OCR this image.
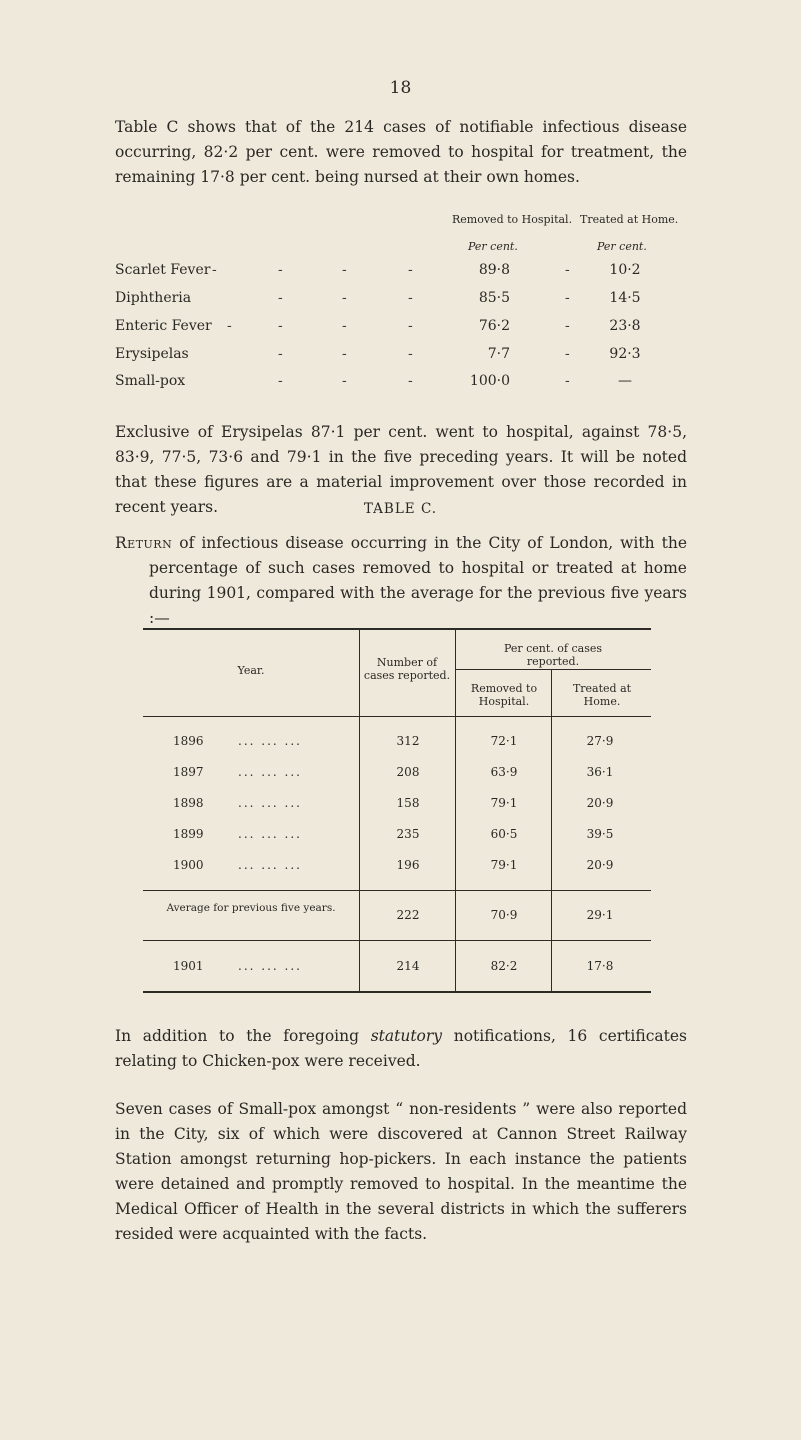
18

Table C shows that of the 214 cases of notifiable infectious disease occurring, 82·2 per cent. were removed to hospital for treatment, the remaining 17·8 per cent. being nursed at their own homes.

Removed to Hospital. Treated at Home.
Per cent.	Per cent.
Scarlet Fever -	-	-	-	89·8	-	10·2
Diphtheria	-	-	-	85·5	-	14·5
Enteric Fever -	-	-	-	76·2	-	23·8
Erysipelas	-	-	-	7·7	-	92·3
Small-pox	-	-	-	100·0	-	—

Exclusive of Erysipelas 87·1 per cent. went to hospital, against 78·5, 83·9, 77·5, 73·6 and 79·1 in the five preceding years. It will be noted that these figures are a material improvement over those recorded in recent years.	TABLE C.

Return of infectious disease occurring in the City of London, with the percentage of such cases removed to hospital or treated at home during 1901, compared with the average for the previous five years :—

Year.
Number of cases reported.
Per cent. of cases reported.
Removed to Hospital.
Treated at Home.
1896	... ... ...	312	72·1	27·9
1897	... ... ...	208	63·9	36·1
1898	... ... ...	158	79·1	20·9
1899	... ... ...	235	60·5	39·5
1900	... ... ...	196	79·1	20·9
Average for previous five years.	222	70·9	29·1
1901	... ... ...	214	82·2	17·8

In addition to the foregoing statutory notifications, 16 certificates relating to Chicken-pox were received.

Seven cases of Small-pox amongst “ non-residents ” were also reported in the City, six of which were discovered at Cannon Street Railway Station amongst returning hop-pickers. In each instance the patients were detained and promptly removed to hospital. In the meantime the Medical Officer of Health in the several districts in which the sufferers resided were acquainted with the facts.
